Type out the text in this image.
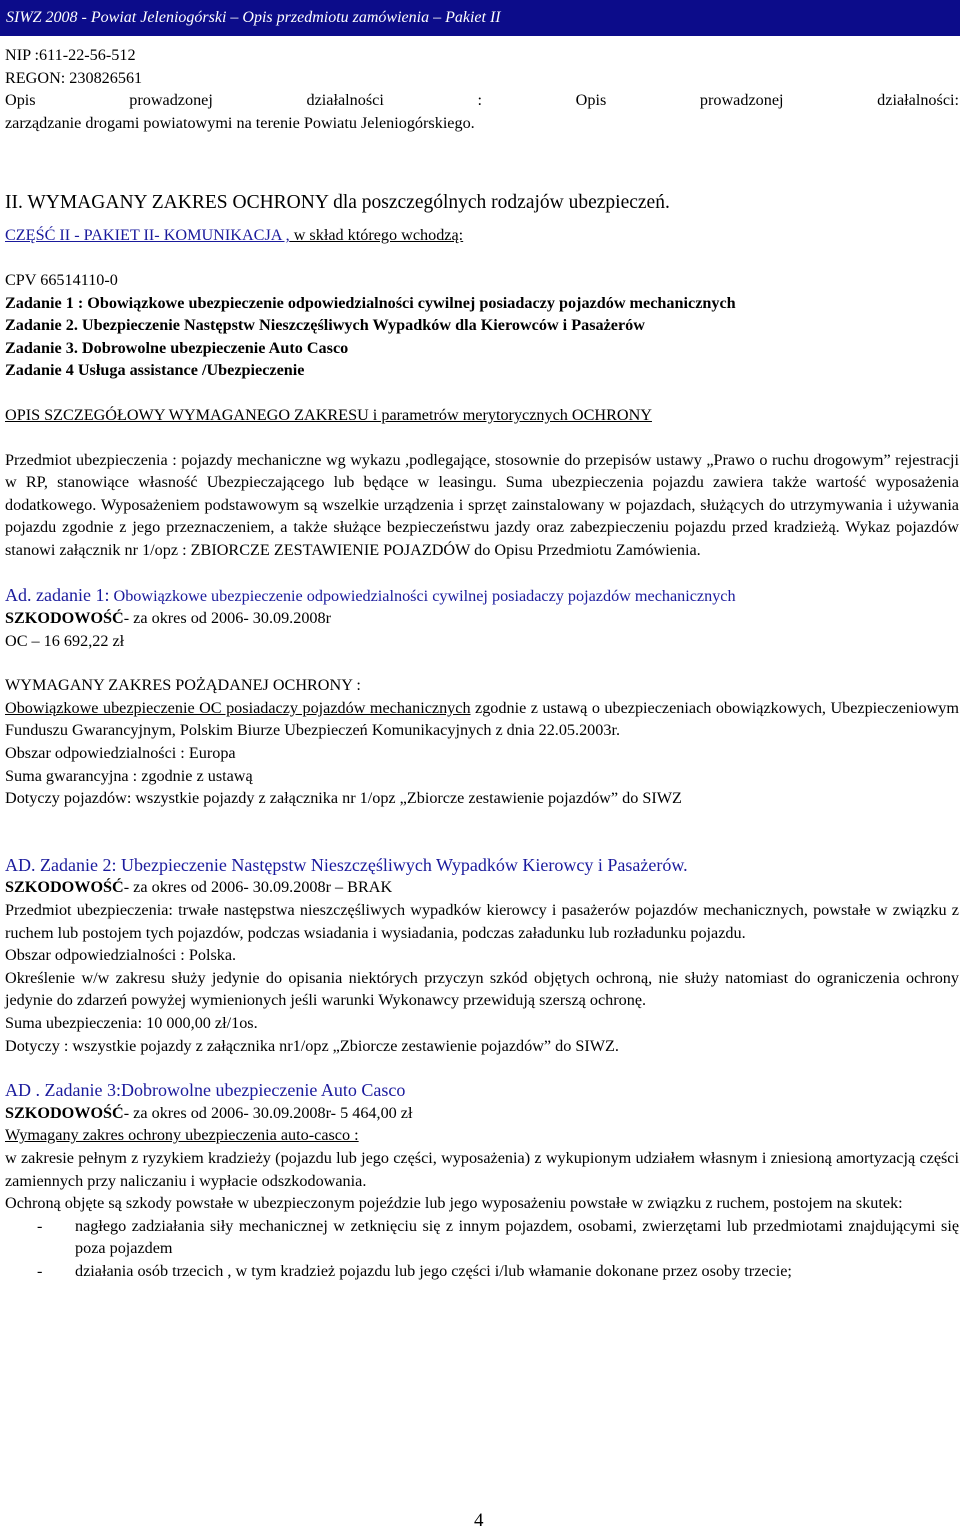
SIWZ 2008 - Powiat Jeleniogórski – Opis przedmiotu zamówienia – Pakiet II

NIP :611-22-56-512

REGON: 230826561

Opis prowadzonej działalności : Opis prowadzonej działalności:

zarządzanie drogami powiatowymi na terenie Powiatu Jeleniogórskiego.

II. WYMAGANY ZAKRES OCHRONY dla poszczególnych rodzajów ubezpieczeń.

CZĘŚĆ II - PAKIET II- KOMUNIKACJA , w skład którego wchodzą:

CPV 66514110-0

Zadanie 1 : Obowiązkowe ubezpieczenie odpowiedzialności cywilnej posiadaczy pojazdów mechanicznych

Zadanie 2. Ubezpieczenie Następstw Nieszczęśliwych Wypadków dla Kierowców i Pasażerów

Zadanie 3. Dobrowolne ubezpieczenie Auto Casco

Zadanie 4 Usługa assistance /Ubezpieczenie

OPIS SZCZEGÓŁOWY WYMAGANEGO ZAKRESU i parametrów merytorycznych OCHRONY

Przedmiot ubezpieczenia : pojazdy mechaniczne wg wykazu ,podlegające, stosownie do przepisów ustawy „Prawo o ruchu drogowym” rejestracji w RP, stanowiące własność Ubezpieczającego lub będące w leasingu. Suma ubezpieczenia pojazdu zawiera także wartość wyposażenia dodatkowego. Wyposażeniem podstawowym są wszelkie urządzenia i sprzęt zainstalowany w pojazdach, służących do utrzymywania i używania pojazdu zgodnie z jego przeznaczeniem, a także służące bezpieczeństwu jazdy oraz zabezpieczeniu pojazdu przed kradzieżą. Wykaz pojazdów stanowi załącznik nr 1/opz : ZBIORCZE ZESTAWIENIE POJAZDÓW do Opisu Przedmiotu Zamówienia.

Ad. zadanie 1: Obowiązkowe ubezpieczenie odpowiedzialności cywilnej posiadaczy pojazdów mechanicznych

SZKODOWOŚĆ- za okres od 2006- 30.09.2008r

OC – 16 692,22 zł

WYMAGANY ZAKRES POŻĄDANEJ OCHRONY :

Obowiązkowe ubezpieczenie OC posiadaczy pojazdów mechanicznych zgodnie z ustawą o ubezpieczeniach obowiązkowych, Ubezpieczeniowym Funduszu Gwarancyjnym, Polskim Biurze Ubezpieczeń Komunikacyjnych z dnia 22.05.2003r.

Obszar odpowiedzialności : Europa

Suma gwarancyjna : zgodnie z ustawą

Dotyczy pojazdów: wszystkie pojazdy z załącznika nr 1/opz „Zbiorcze zestawienie pojazdów” do SIWZ

AD. Zadanie 2: Ubezpieczenie Następstw Nieszczęśliwych Wypadków Kierowcy i Pasażerów.

SZKODOWOŚĆ- za okres od 2006- 30.09.2008r – BRAK

Przedmiot ubezpieczenia: trwałe następstwa nieszczęśliwych wypadków kierowcy i pasażerów pojazdów mechanicznych, powstałe w związku z ruchem lub postojem tych pojazdów, podczas wsiadania i wysiadania, podczas załadunku lub rozładunku pojazdu.

Obszar odpowiedzialności : Polska.

Określenie w/w zakresu służy jedynie do opisania niektórych przyczyn szkód objętych ochroną, nie służy natomiast do ograniczenia ochrony jedynie do zdarzeń powyżej wymienionych jeśli warunki Wykonawcy przewidują szerszą ochronę.

Suma ubezpieczenia: 10 000,00 zł/1os.

Dotyczy : wszystkie pojazdy z załącznika nr1/opz „Zbiorcze zestawienie pojazdów” do SIWZ.

AD . Zadanie 3:Dobrowolne ubezpieczenie Auto Casco

SZKODOWOŚĆ- za okres od 2006- 30.09.2008r- 5 464,00 zł

Wymagany zakres ochrony ubezpieczenia auto-casco :

w zakresie pełnym z ryzykiem kradzieży (pojazdu lub jego części, wyposażenia) z wykupionym udziałem własnym i zniesioną amortyzacją części zamiennych przy naliczaniu i wypłacie odszkodowania.

Ochroną objęte są szkody powstałe w ubezpieczonym pojeździe lub jego wyposażeniu powstałe w związku z ruchem, postojem na skutek:

-	nagłego zadziałania siły mechanicznej w zetknięciu się z innym pojazdem, osobami, zwierzętami lub przedmiotami znajdującymi się poza pojazdem
-	działania osób trzecich , w tym kradzież pojazdu lub jego części i/lub włamanie dokonane przez osoby trzecie;
4
